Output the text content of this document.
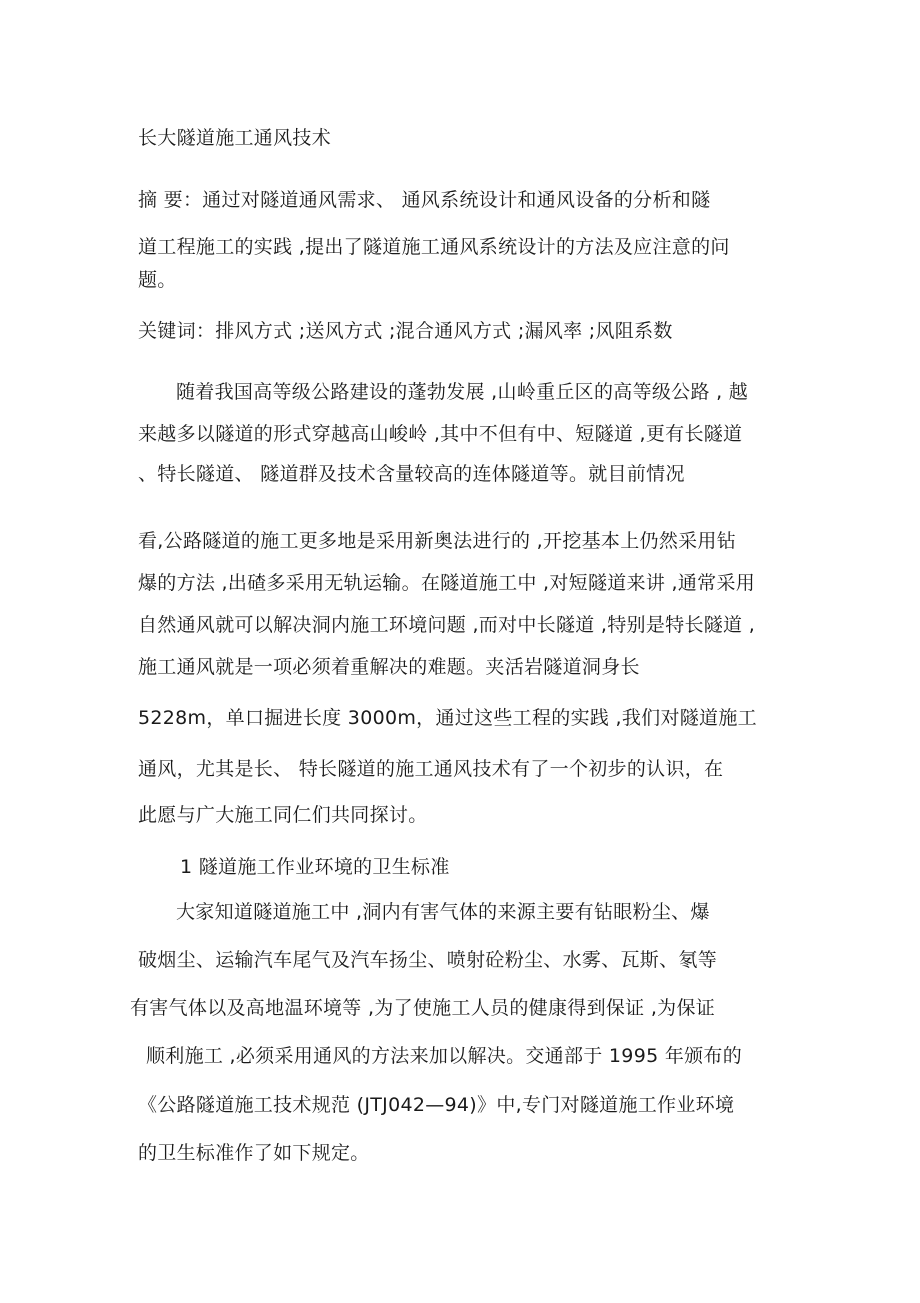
长大隧道施工通风技术
摘 要：通过对隧道通风需求、 通风系统设计和通风设备的分析和隧
道工程施工的实践 ,提出了隧道施工通风系统设计的方法及应注意的问
题。
关键词：排风方式 ;送风方式 ;混合通风方式 ;漏风率 ;风阻系数
随着我国高等级公路建设的蓬勃发展 ,山岭重丘区的高等级公路 , 越
来越多以隧道的形式穿越高山峻岭 ,其中不但有中、短隧道 ,更有长隧道
、特长隧道、 隧道群及技术含量较高的连体隧道等。就目前情况
看,公路隧道的施工更多地是采用新奥法进行的 ,开挖基本上仍然采用钻
爆的方法 ,出碴多采用无轨运输。在隧道施工中 ,对短隧道来讲 ,通常采用
自然通风就可以解决洞内施工环境问题 ,而对中长隧道 ,特别是特长隧道 ,
施工通风就是一项必须着重解决的难题。夹活岩隧道洞身长
5228m，单口掘进长度 3000m，通过这些工程的实践 ,我们对隧道施工
通风，尤其是长、 特长隧道的施工通风技术有了一个初步的认识，在
此愿与广大施工同仁们共同探讨。
1 隧道施工作业环境的卫生标准
大家知道隧道施工中 ,洞内有害气体的来源主要有钻眼粉尘、爆
破烟尘、运输汽车尾气及汽车扬尘、喷射砼粉尘、水雾、瓦斯、氡等
有害气体以及高地温环境等 ,为了使施工人员的健康得到保证 ,为保证
顺利施工 ,必须采用通风的方法来加以解决。交通部于 1995 年颁布的
《公路隧道施工技术规范 (JTJ042—94)》中,专门对隧道施工作业环境
的卫生标准作了如下规定。
